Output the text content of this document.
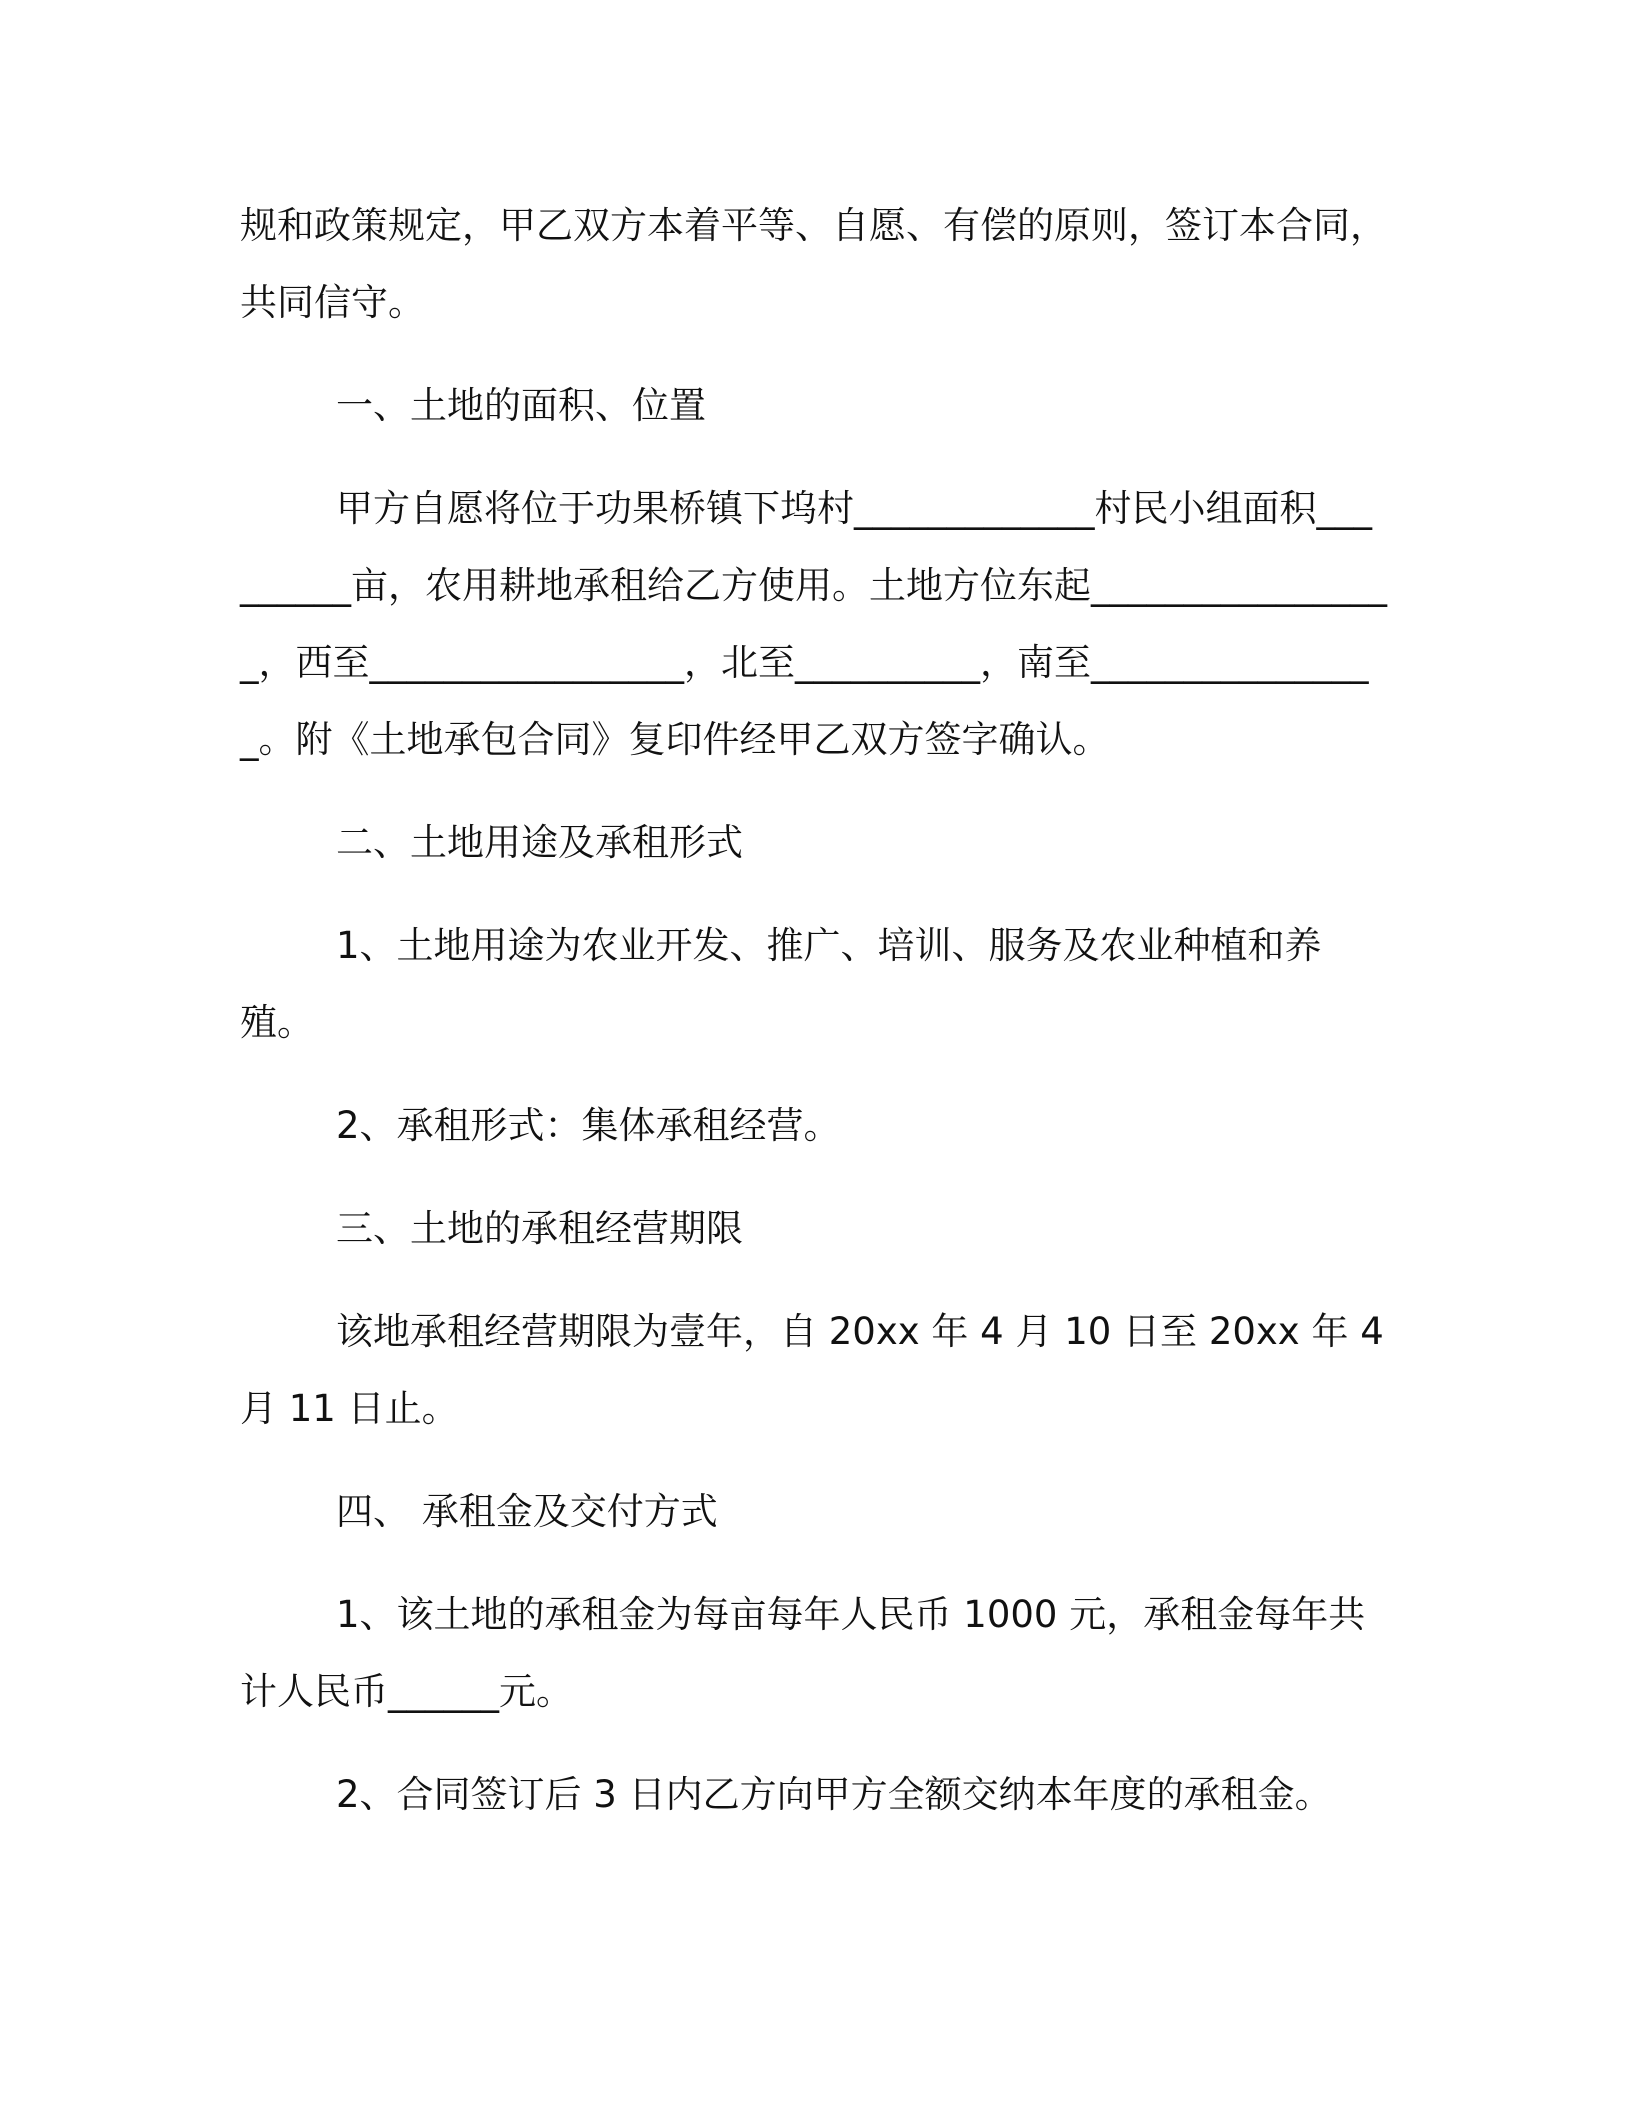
规和政策规定，甲乙双方本着平等、自愿、有偿的原则，签订本合同，共同信守。

一、土地的面积、位置

甲方自愿将位于功果桥镇下坞村_____________村民小组面积_________亩，农用耕地承租给乙方使用。土地方位东起_________________，西至_________________，北至__________，南至________________。附《土地承包合同》复印件经甲乙双方签字确认。

二、土地用途及承租形式

1、土地用途为农业开发、推广、培训、服务及农业种植和养殖。

2、承租形式：集体承租经营。

三、土地的承租经营期限

该地承租经营期限为壹年，自 20xx 年 4 月 10 日至 20xx 年 4 月 11 日止。

四、 承租金及交付方式

1、该土地的承租金为每亩每年人民币 1000 元，承租金每年共计人民币______元。

2、合同签订后 3 日内乙方向甲方全额交纳本年度的承租金。
